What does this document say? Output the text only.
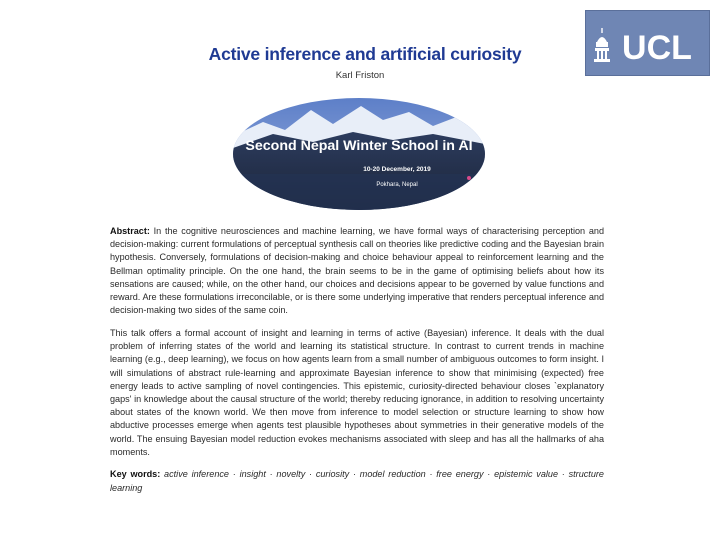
Active inference and artificial curiosity
Karl Friston
UCL
Second Nepal Winter School in AI
10-20 December, 2019
Pokhara, Nepal

Abstract: In the cognitive neurosciences and machine learning, we have formal ways of characterising perception and decision-making: current formulations of perceptual synthesis call on theories like predictive coding and the Bayesian brain hypothesis. Conversely, formulations of decision-making and choice behaviour appeal to reinforcement learning and the Bellman optimality principle. On the one hand, the brain seems to be in the game of optimising beliefs about how its sensations are caused; while, on the other hand, our choices and decisions appear to be governed by value functions and reward. Are these formulations irreconcilable, or is there some underlying imperative that renders perceptual inference and decision-making two sides of the same coin.

This talk offers a formal account of insight and learning in terms of active (Bayesian) inference. It deals with the dual problem of inferring states of the world and learning its statistical structure. In contrast to current trends in machine learning (e.g., deep learning), we focus on how agents learn from a small number of ambiguous outcomes to form insight. I will simulations of abstract rule-learning and approximate Bayesian inference to show that minimising (expected) free energy leads to active sampling of novel contingencies. This epistemic, curiosity-directed behaviour closes `explanatory gaps' in knowledge about the causal structure of the world; thereby reducing ignorance, in addition to resolving uncertainty about states of the known world. We then move from inference to model selection or structure learning to show how abductive processes emerge when agents test plausible hypotheses about symmetries in their generative models of the world. The ensuing Bayesian model reduction evokes mechanisms associated with sleep and has all the hallmarks of aha moments.

Key words: active inference · insight · novelty · curiosity · model reduction · free energy · epistemic value · structure learning
